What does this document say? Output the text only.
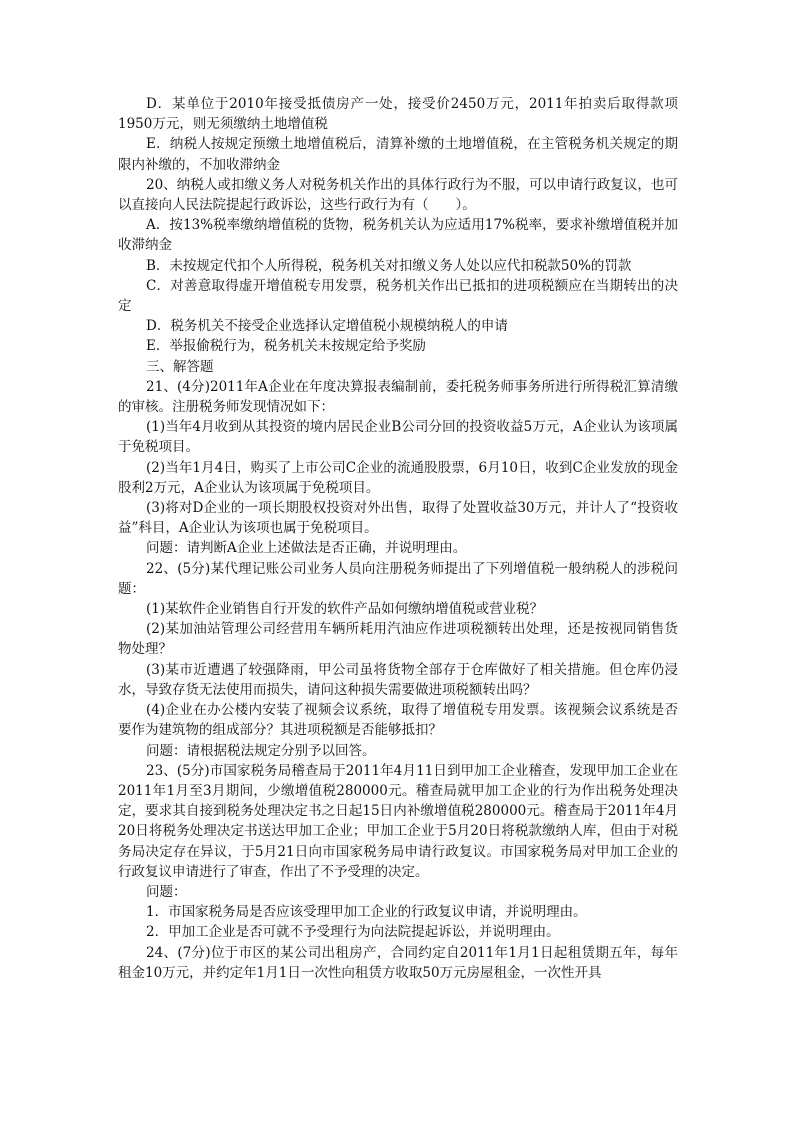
D．某单位于2010年接受抵债房产一处，接受价2450万元，2011年拍卖后取得款项1950万元，则无须缴纳土地增值税

E．纳税人按规定预缴土地增值税后，清算补缴的土地增值税，在主管税务机关规定的期限内补缴的，不加收滞纳金

20、纳税人或扣缴义务人对税务机关作出的具体行政行为不服，可以申请行政复议，也可以直接向人民法院提起行政诉讼，这些行政行为有（　　）。

A．按13%税率缴纳增值税的货物，税务机关认为应适用17%税率，要求补缴增值税并加收滞纳金

B．未按规定代扣个人所得税，税务机关对扣缴义务人处以应代扣税款50%的罚款

C．对善意取得虚开增值税专用发票，税务机关作出已抵扣的进项税额应在当期转出的决定

D．税务机关不接受企业选择认定增值税小规模纳税人的申请

E．举报偷税行为，税务机关未按规定给予奖励

三、解答题

21、(4分)2011年A企业在年度决算报表编制前，委托税务师事务所进行所得税汇算清缴的审核。注册税务师发现情况如下：

(1)当年4月收到从其投资的境内居民企业B公司分回的投资收益5万元，A企业认为该项属于免税项目。

(2)当年1月4日，购买了上市公司C企业的流通股股票，6月10日，收到C企业发放的现金股利2万元，A企业认为该项属于免税项目。

(3)将对D企业的一项长期股权投资对外出售，取得了处置收益30万元，并计人了“投资收益”科目，A企业认为该项也属于免税项目。

问题：请判断A企业上述做法是否正确，并说明理由。

22、(5分)某代理记账公司业务人员向注册税务师提出了下列增值税一般纳税人的涉税问题：

(1)某软件企业销售自行开发的软件产品如何缴纳增值税或营业税？

(2)某加油站管理公司经营用车辆所耗用汽油应作进项税额转出处理，还是按视同销售货物处理？

(3)某市近遭遇了较强降雨，甲公司虽将货物全部存于仓库做好了相关措施。但仓库仍浸水，导致存货无法使用而损失，请问这种损失需要做进项税额转出吗？

(4)企业在办公楼内安装了视频会议系统，取得了增值税专用发票。该视频会议系统是否要作为建筑物的组成部分？其进项税额是否能够抵扣？

问题：请根据税法规定分别予以回答。

23、(5分)市国家税务局稽查局于2011年4月11日到甲加工企业稽查，发现甲加工企业在2011年1月至3月期间，少缴增值税280000元。稽查局就甲加工企业的行为作出税务处理决定，要求其自接到税务处理决定书之日起15日内补缴增值税280000元。稽查局于2011年4月20日将税务处理决定书送达甲加工企业；甲加工企业于5月20日将税款缴纳人库，但由于对税务局决定存在异议，于5月21日向市国家税务局申请行政复议。市国家税务局对甲加工企业的行政复议申请进行了审查，作出了不予受理的决定。

问题：

1．市国家税务局是否应该受理甲加工企业的行政复议申请，并说明理由。

2．甲加工企业是否可就不予受理行为向法院提起诉讼，并说明理由。

24、(7分)位于市区的某公司出租房产，合同约定自2011年1月1日起租赁期五年，每年租金10万元，并约定年1月1日一次性向租赁方收取50万元房屋租金，一次性开具
